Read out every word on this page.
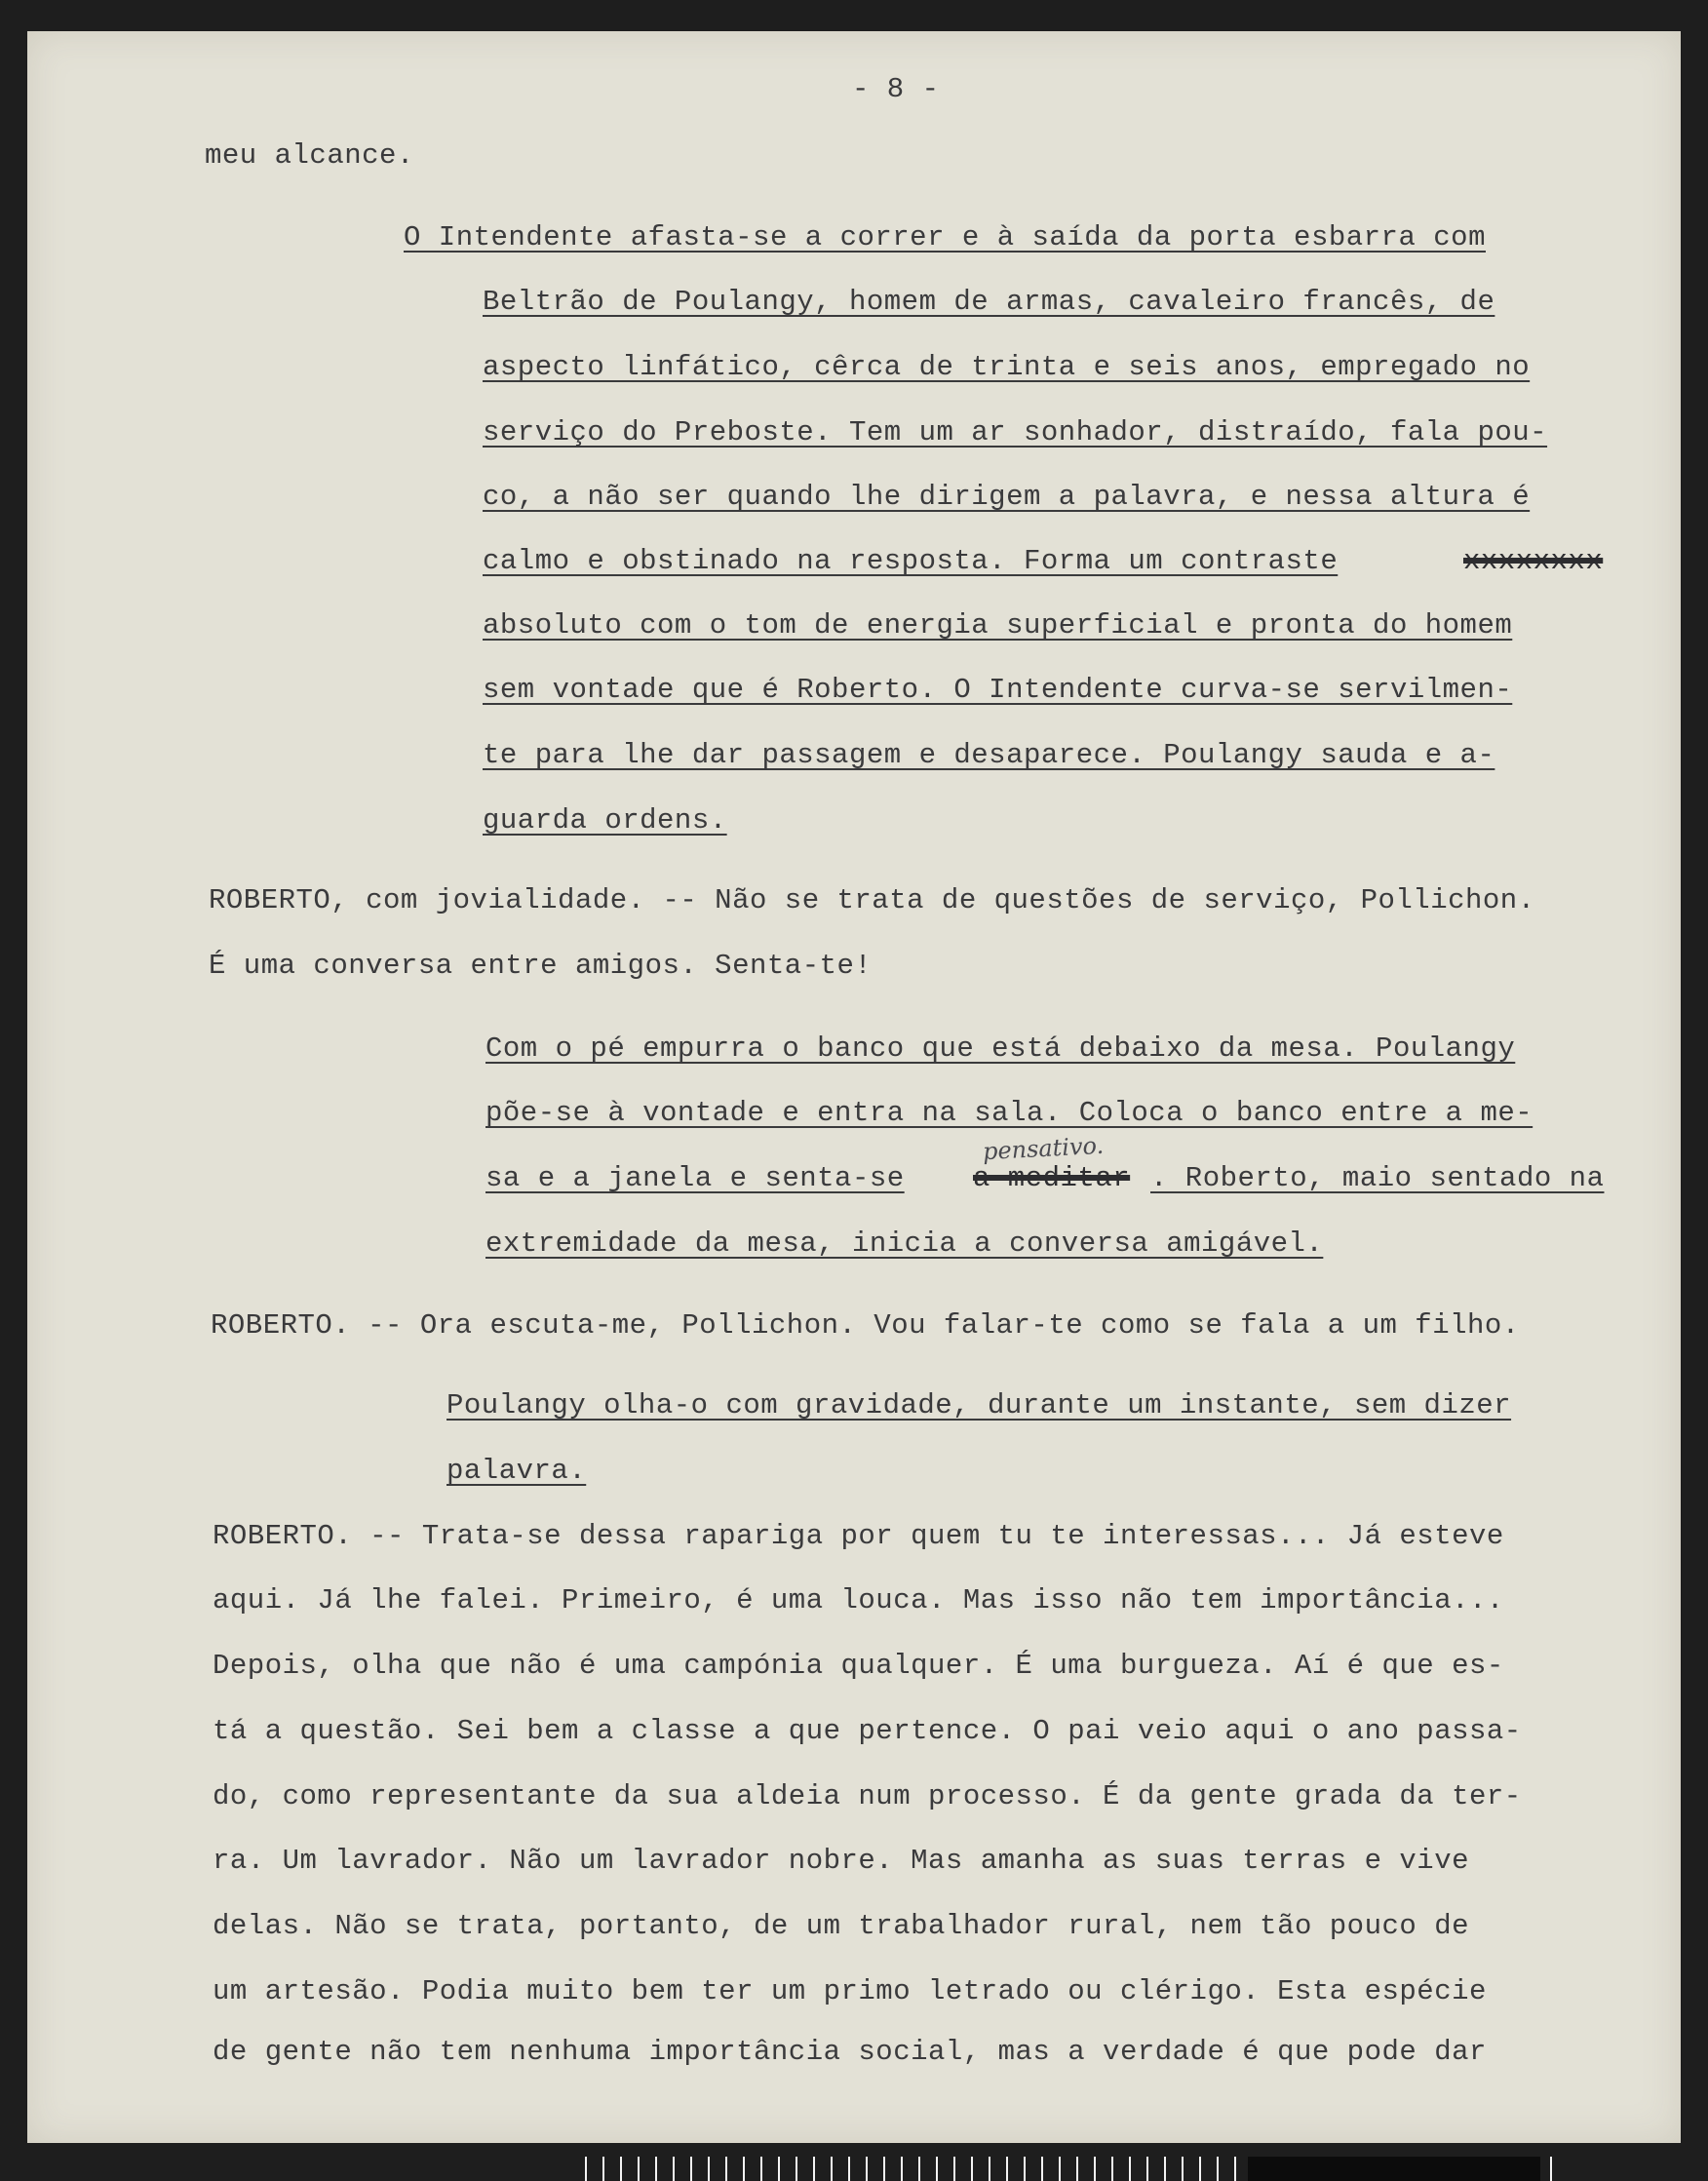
- 8 -
meu alcance.
O Intendente afasta-se a correr e à saída da porta esbarra com
Beltrão de Poulangy, homem de armas, cavaleiro francês, de
aspecto linfático, cêrca de trinta e seis anos, empregado no
serviço do Preboste. Tem um ar sonhador, distraído, fala pou-
co, a não ser quando lhe dirigem a palavra, e nessa altura é
calmo e obstinado na resposta. Forma um contraste	xxxxxxxx
absoluto com o tom de energia superficial e pronta do homem
sem vontade que é Roberto. O Intendente curva-se servilmen-
te para lhe dar passagem e desaparece. Poulangy sauda e a-
guarda ordens.
ROBERTO, com jovialidade. -- Não se trata de questões de serviço, Pollichon.
É uma conversa entre amigos. Senta-te!
Com o pé empurra o banco que está debaixo da mesa. Poulangy
põe-se à vontade e entra na sala. Coloca o banco entre a me-
sa e a janela e senta-se
pensativo.
a meditar . Roberto, maio sentado na
extremidade da mesa, inicia a conversa amigável.
ROBERTO. -- Ora escuta-me, Pollichon. Vou falar-te como se fala a um filho.
Poulangy olha-o com gravidade, durante um instante, sem dizer
palavra.
ROBERTO. -- Trata-se dessa rapariga por quem tu te interessas... Já esteve
aqui. Já lhe falei. Primeiro, é uma louca. Mas isso não tem importância...
Depois, olha que não é uma campónia qualquer. É uma burgueza. Aí é que es-
tá a questão. Sei bem a classe a que pertence. O pai veio aqui o ano passa-
do, como representante da sua aldeia num processo. É da gente grada da ter-
ra. Um lavrador. Não um lavrador nobre. Mas amanha as suas terras e vive
delas. Não se trata, portanto, de um trabalhador rural, nem tão pouco de
um artesão. Podia muito bem ter um primo letrado ou clérigo. Esta espécie
de gente não tem nenhuma importância social, mas a verdade é que pode dar
